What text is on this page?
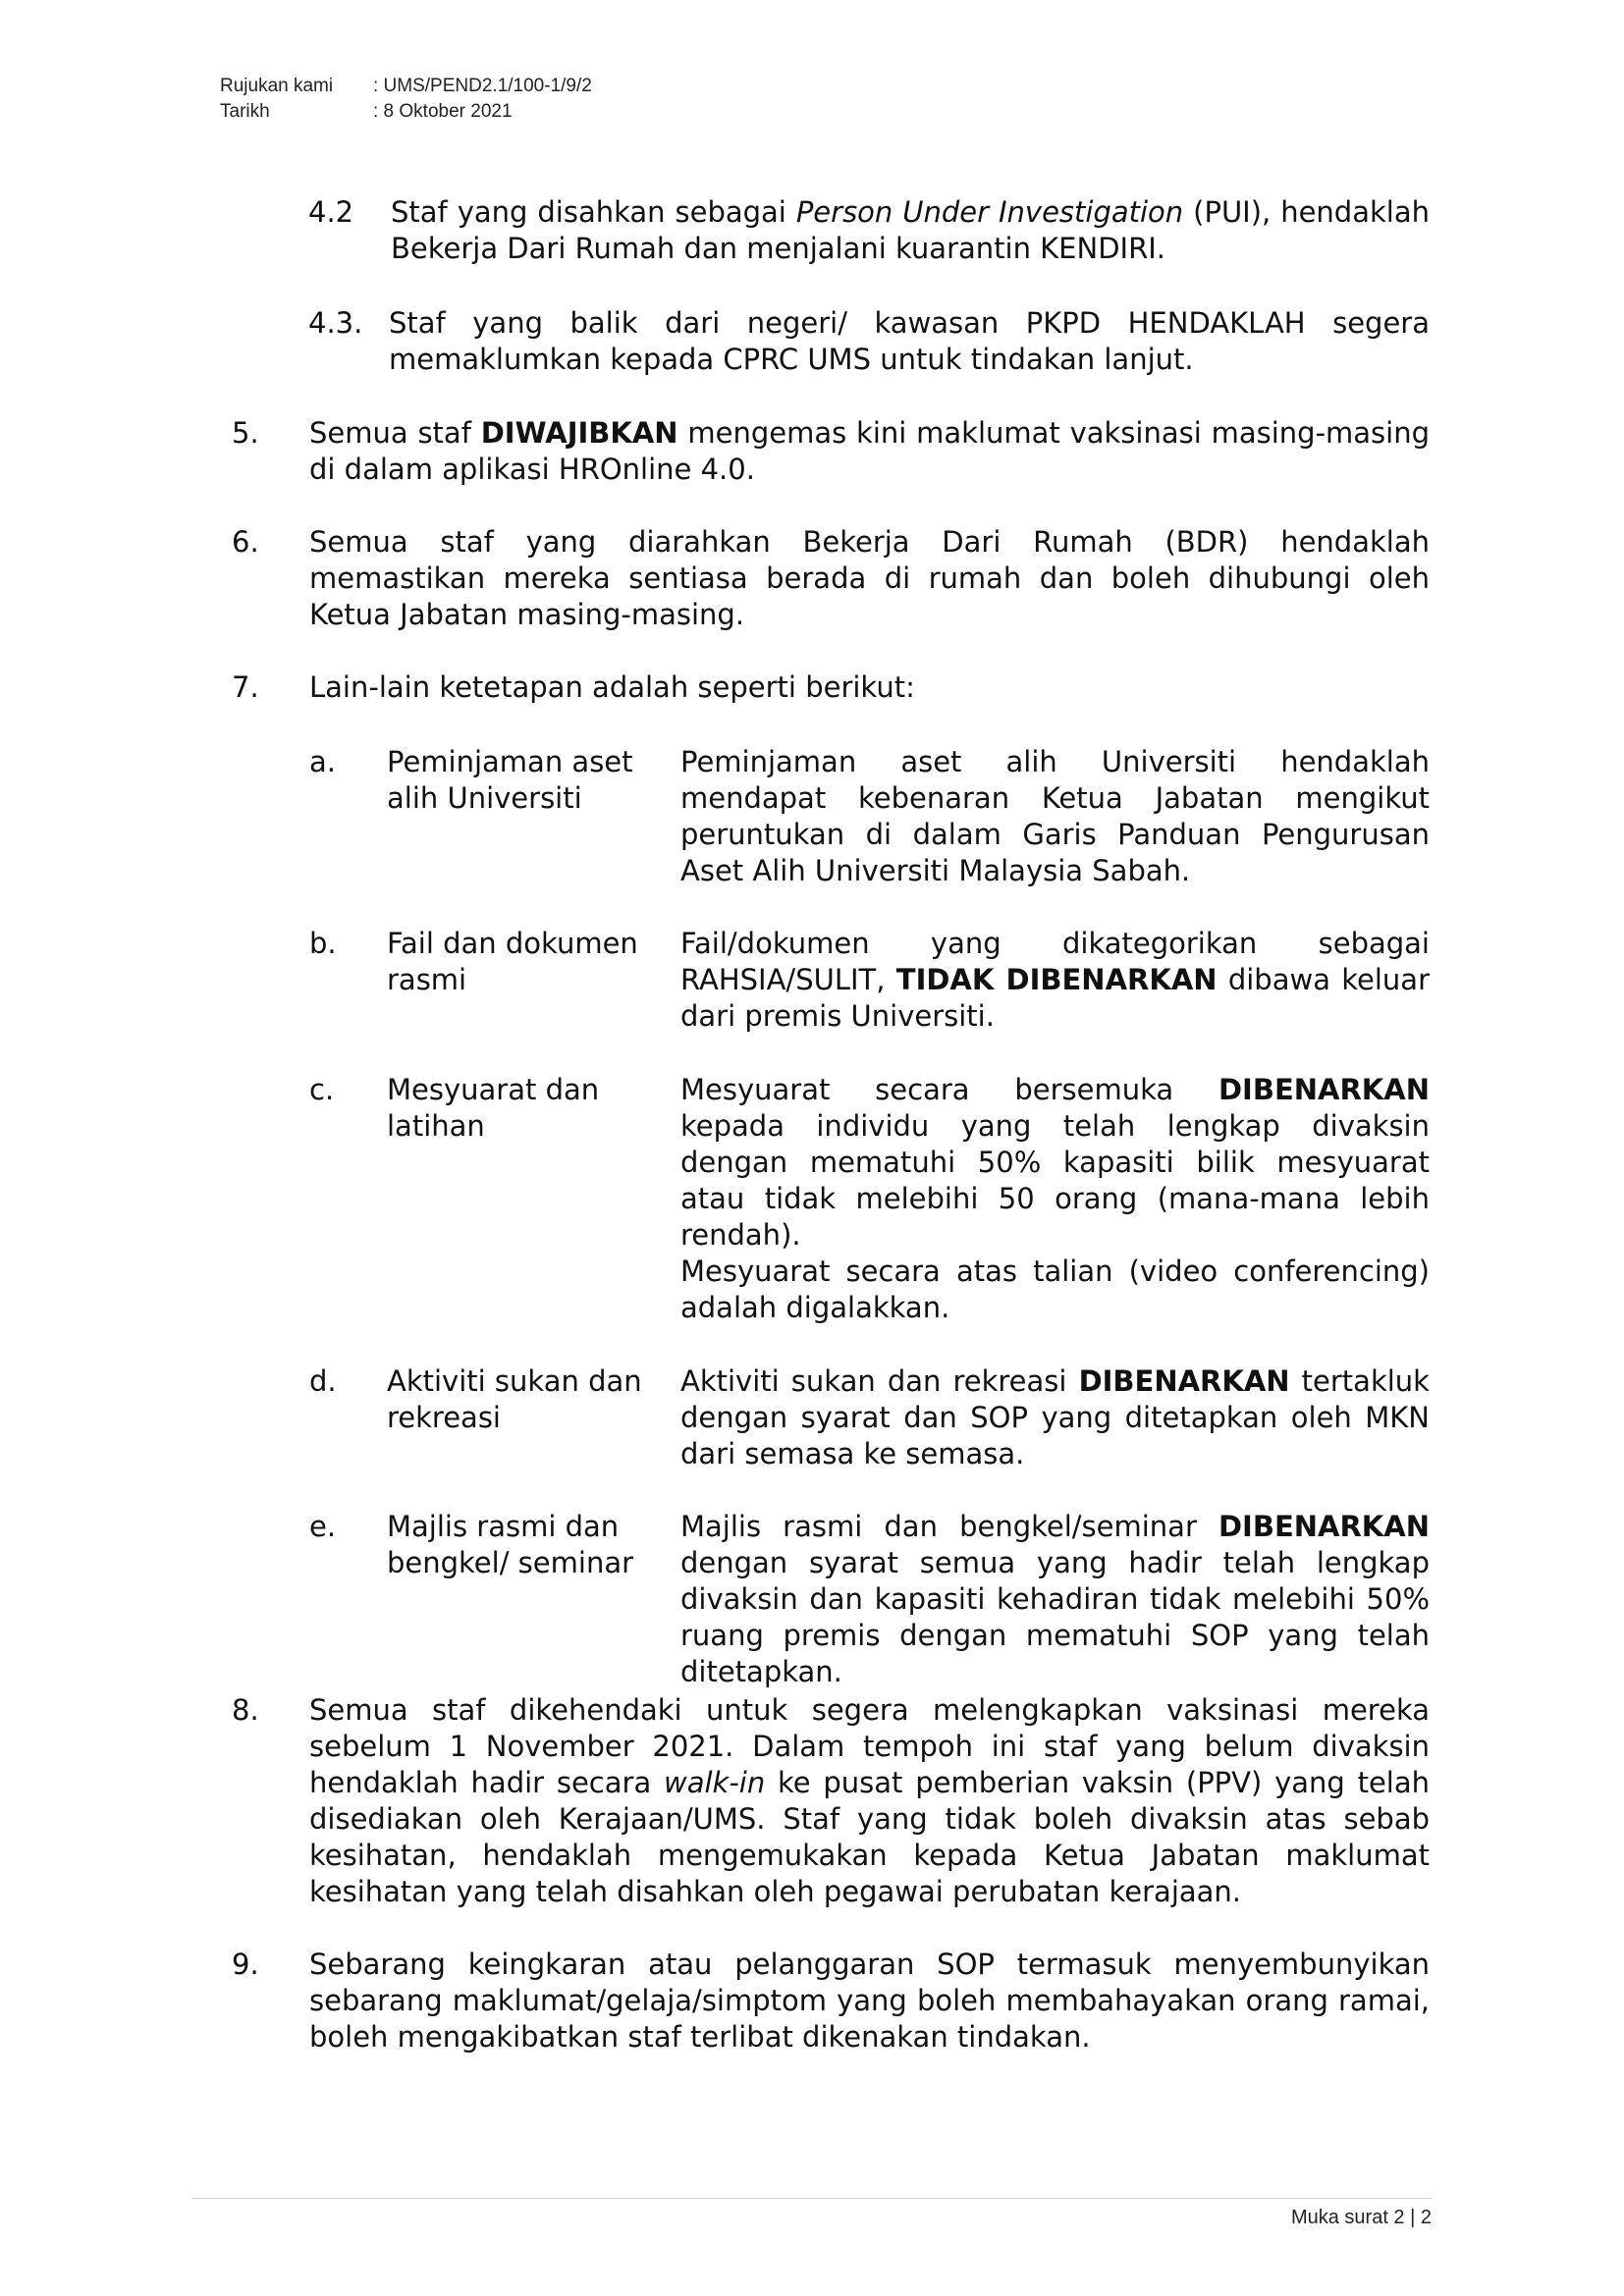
Rujukan kami	: UMS/PEND2.1/100-1/9/2
Tarikh	: 8 Oktober 2021
4.2 Staf yang disahkan sebagai Person Under Investigation (PUI), hendaklah Bekerja Dari Rumah dan menjalani kuarantin KENDIRI.
4.3. Staf yang balik dari negeri/ kawasan PKPD HENDAKLAH segera memaklumkan kepada CPRC UMS untuk tindakan lanjut.
5. Semua staf DIWAJIBKAN mengemas kini maklumat vaksinasi masing-masing di dalam aplikasi HROnline 4.0.
6. Semua staf yang diarahkan Bekerja Dari Rumah (BDR) hendaklah memastikan mereka sentiasa berada di rumah dan boleh dihubungi oleh Ketua Jabatan masing-masing.
7. Lain-lain ketetapan adalah seperti berikut:
a. Peminjaman aset alih Universiti
Peminjaman aset alih Universiti hendaklah mendapat kebenaran Ketua Jabatan mengikut peruntukan di dalam Garis Panduan Pengurusan Aset Alih Universiti Malaysia Sabah.
b. Fail dan dokumen rasmi
Fail/dokumen yang dikategorikan sebagai RAHSIA/SULIT, TIDAK DIBENARKAN dibawa keluar dari premis Universiti.
c. Mesyuarat dan latihan
Mesyuarat secara bersemuka DIBENARKAN kepada individu yang telah lengkap divaksin dengan mematuhi 50% kapasiti bilik mesyuarat atau tidak melebihi 50 orang (mana-mana lebih rendah).
Mesyuarat secara atas talian (video conferencing) adalah digalakkan.
d. Aktiviti sukan dan rekreasi
Aktiviti sukan dan rekreasi DIBENARKAN tertakluk dengan syarat dan SOP yang ditetapkan oleh MKN dari semasa ke semasa.
e. Majlis rasmi dan bengkel/ seminar
Majlis rasmi dan bengkel/seminar DIBENARKAN dengan syarat semua yang hadir telah lengkap divaksin dan kapasiti kehadiran tidak melebihi 50% ruang premis dengan mematuhi SOP yang telah ditetapkan.
8. Semua staf dikehendaki untuk segera melengkapkan vaksinasi mereka sebelum 1 November 2021. Dalam tempoh ini staf yang belum divaksin hendaklah hadir secara walk-in ke pusat pemberian vaksin (PPV) yang telah disediakan oleh Kerajaan/UMS. Staf yang tidak boleh divaksin atas sebab kesihatan, hendaklah mengemukakan kepada Ketua Jabatan maklumat kesihatan yang telah disahkan oleh pegawai perubatan kerajaan.
9. Sebarang keingkaran atau pelanggaran SOP termasuk menyembunyikan sebarang maklumat/gelaja/simptom yang boleh membahayakan orang ramai, boleh mengakibatkan staf terlibat dikenakan tindakan.
Muka surat 2 | 2
